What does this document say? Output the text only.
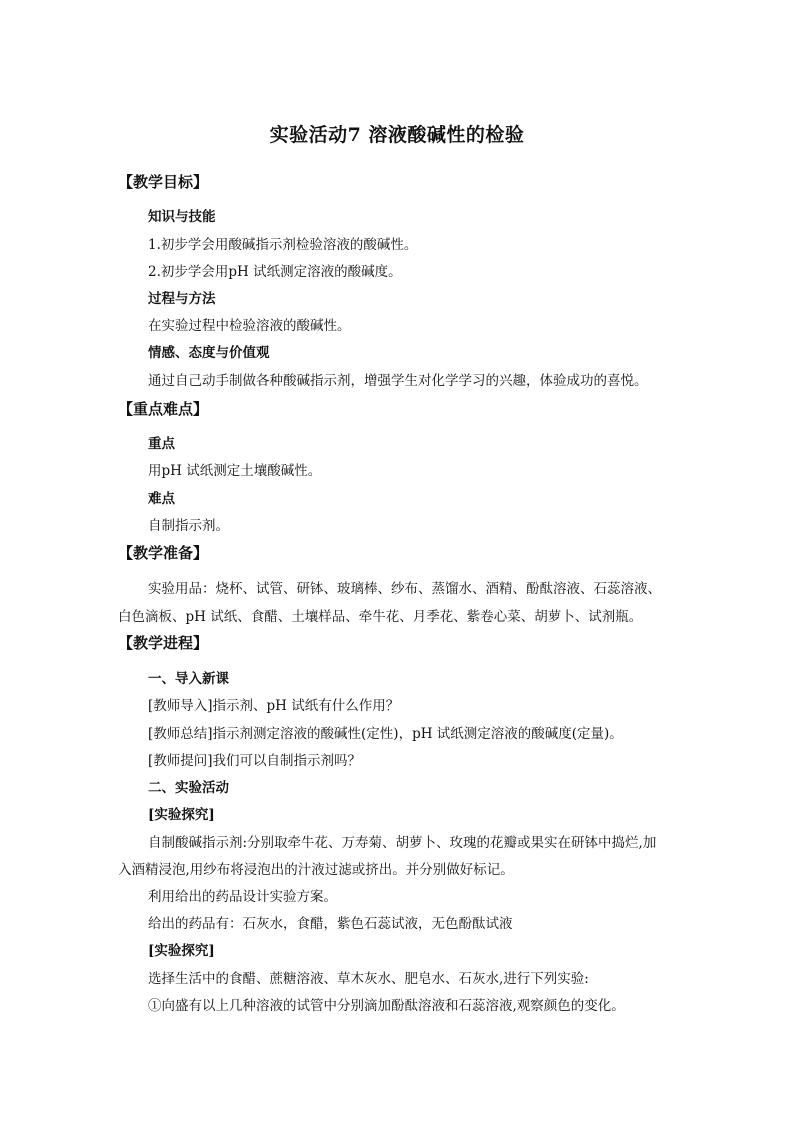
实验活动7 溶液酸碱性的检验
【教学目标】
知识与技能
1.初步学会用酸碱指示剂检验溶液的酸碱性。
2.初步学会用pH 试纸测定溶液的酸碱度。
过程与方法
在实验过程中检验溶液的酸碱性。
情感、态度与价值观
通过自己动手制做各种酸碱指示剂，增强学生对化学学习的兴趣，体验成功的喜悦。
【重点难点】
重点
用pH 试纸测定土壤酸碱性。
难点
自制指示剂。
【教学准备】
实验用品：烧杯、试管、研钵、玻璃棒、纱布、蒸馏水、酒精、酚酞溶液、石蕊溶液、
白色滴板、pH 试纸、食醋、土壤样品、牵牛花、月季花、紫卷心菜、胡萝卜、试剂瓶。
【教学进程】
一、导入新课
[教师导入]指示剂、pH 试纸有什么作用？
[教师总结]指示剂测定溶液的酸碱性(定性)，pH 试纸测定溶液的酸碱度(定量)。
[教师提问]我们可以自制指示剂吗？
二、实验活动
[实验探究]
自制酸碱指示剂:分别取牵牛花、万寿菊、胡萝卜、玫瑰的花瓣或果实在研钵中捣烂,加
入酒精浸泡,用纱布将浸泡出的汁液过滤或挤出。并分别做好标记。
利用给出的药品设计实验方案。
给出的药品有：石灰水，食醋，紫色石蕊试液，无色酚酞试液
[实验探究]
选择生活中的食醋、蔗糖溶液、草木灰水、肥皂水、石灰水,进行下列实验:
①向盛有以上几种溶液的试管中分别滴加酚酞溶液和石蕊溶液,观察颜色的变化。
